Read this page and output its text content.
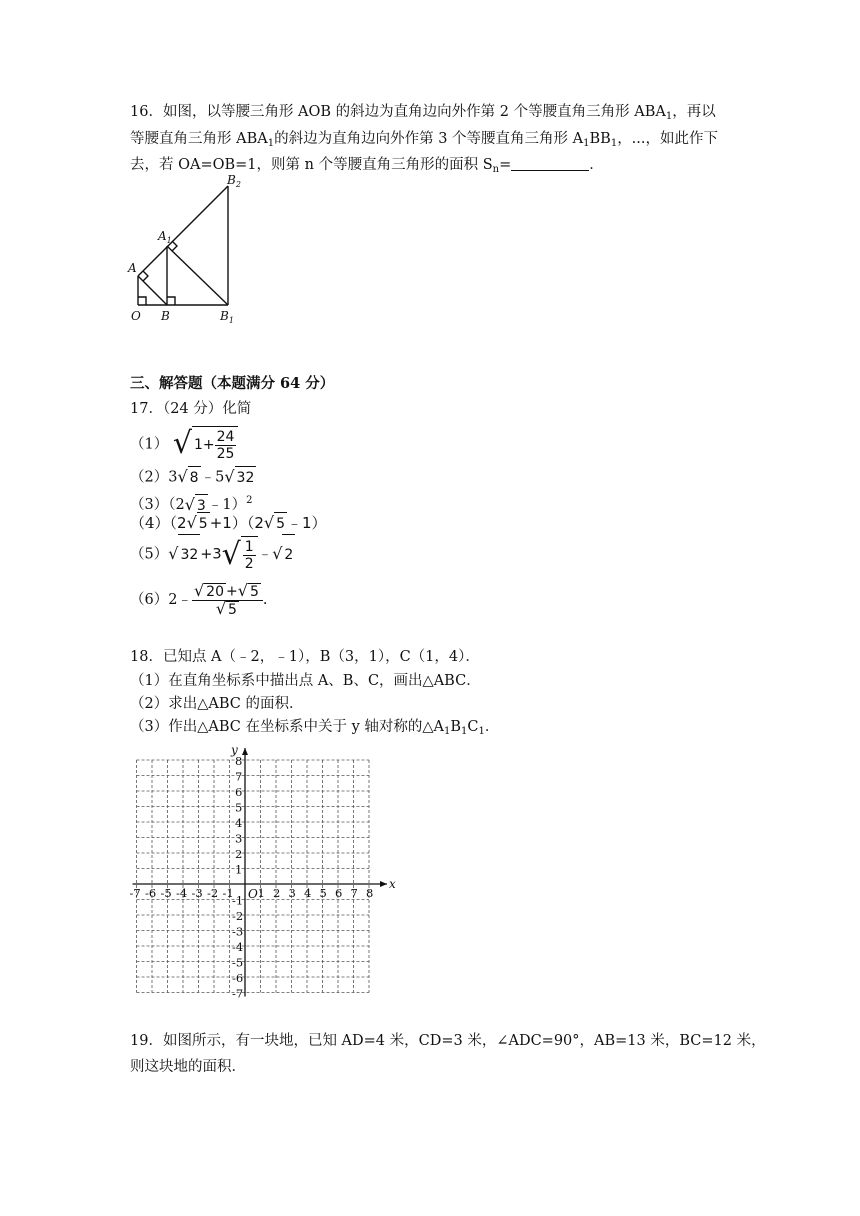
16．如图，以等腰三角形 AOB 的斜边为直角边向外作第 2 个等腰直角三角形 $ABA_1$，再以
等腰直角三角形 $ABA_1$的斜边为直角边向外作第 3 个等腰直角三角形 $A_1BB_1$，...，如此作下
去，若 OA=OB=1，则第 n 个等腰直角三角形的面积 $S_n=$	．
O B	$B_1$
A
$A_1$
$B_2$
三、解答题（本题满分 64 分）
17．（24 分）化简
（1） √ $1+ \frac{24}{25}$
（2）3 √ 8 ﹣5 √ 32
（3）（2 √ 3 ﹣1）$^2$
（4）（2 √ 5 +1）（2 √ 5 ﹣1）
（5） √ 32 +3 √ $\frac{1}{2}$ ﹣ √ 2
（6）2﹣ $\frac{√ 20 + √ 5}{√ 5}$ .
18．已知点 A（﹣2，﹣1），B（3，1），C（1，4）．
（1）在直角坐标系中描出点 A、B、C，画出△ABC．
（2）求出△ABC 的面积．
（3）作出△ABC 在坐标系中关于 y 轴对称的$\triangle A_1B_1C_1$．
x
y
O
-7 -6 -5 -4 -3 -2 -1 1 2 3 4 5 6 7 8
8
7
6
5
4
3
2
1
-1
-2
-3
-4
-5
-6
-7
19．如图所示，有一块地，已知 AD=4 米，CD=3 米，∠ADC=90°，AB=13 米，BC=12 米，
则这块地的面积．
